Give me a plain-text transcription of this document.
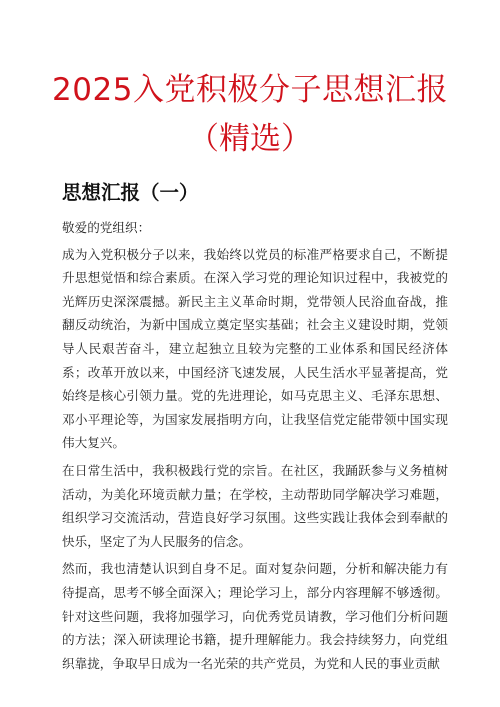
2025入党积极分子思想汇报
（精选）
思想汇报（一）

敬爱的党组织：

成为入党积极分子以来，我始终以党员的标准严格要求自己，不断提升思想觉悟和综合素质。在深入学习党的理论知识过程中，我被党的光辉历史深深震撼。新民主主义革命时期，党带领人民浴血奋战，推翻反动统治，为新中国成立奠定坚实基础；社会主义建设时期，党领导人民艰苦奋斗，建立起独立且较为完整的工业体系和国民经济体系；改革开放以来，中国经济飞速发展，人民生活水平显著提高，党始终是核心引领力量。党的先进理论，如马克思主义、毛泽东思想、邓小平理论等，为国家发展指明方向，让我坚信党定能带领中国实现伟大复兴。

在日常生活中，我积极践行党的宗旨。在社区，我踊跃参与义务植树活动，为美化环境贡献力量；在学校，主动帮助同学解决学习难题，组织学习交流活动，营造良好学习氛围。这些实践让我体会到奉献的快乐，坚定了为人民服务的信念。

然而，我也清楚认识到自身不足。面对复杂问题，分析和解决能力有待提高，思考不够全面深入；理论学习上，部分内容理解不够透彻。针对这些问题，我将加强学习，向优秀党员请教，学习他们分析问题的方法；深入研读理论书籍，提升理解能力。我会持续努力，向党组织靠拢，争取早日成为一名光荣的共产党员，为党和人民的事业贡献
